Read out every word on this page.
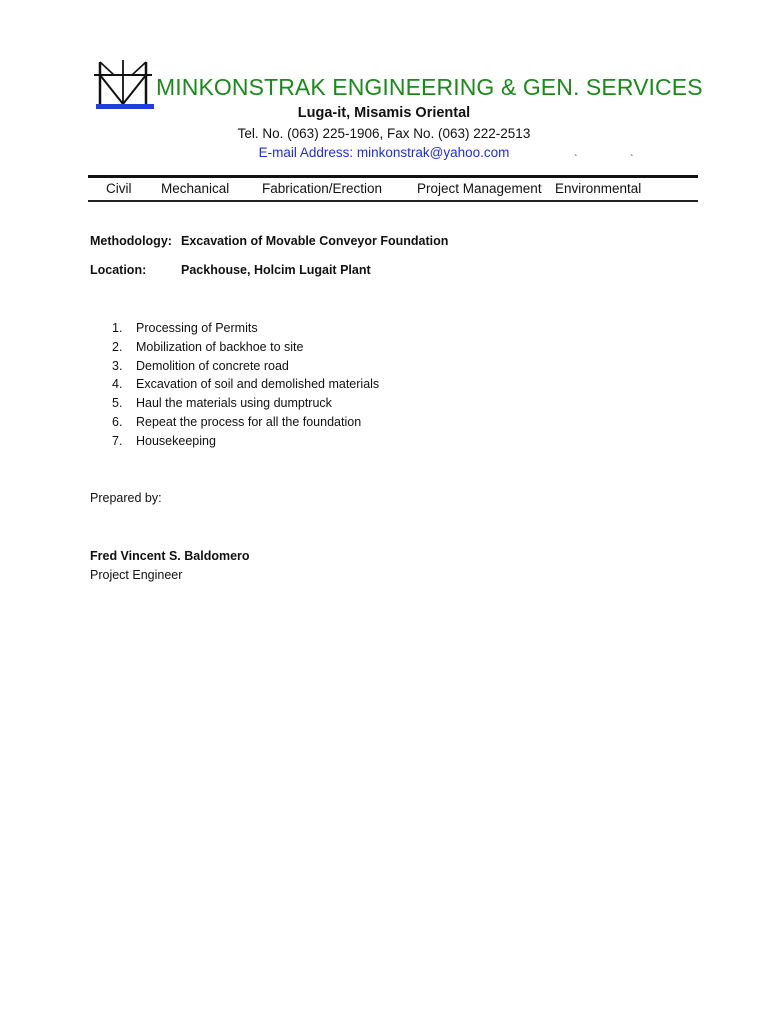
MINKONSTRAK ENGINEERING & GEN. SERVICES
Luga-it, Misamis Oriental
Tel. No. (063) 225-1906, Fax No. (063) 222-2513
E-mail Address: minkonstrak@yahoo.com	`	`
Civil Mechanical Fabrication/Erection	Project Management Environmental
Methodology: Excavation of Movable Conveyor Foundation
Location:	Packhouse, Holcim Lugait Plant
1. Processing of Permits
2. Mobilization of backhoe to site
3. Demolition of concrete road
4. Excavation of soil and demolished materials
5. Haul the materials using dumptruck
6. Repeat the process for all the foundation
7. Housekeeping
Prepared by:
Fred Vincent S. Baldomero
Project Engineer
